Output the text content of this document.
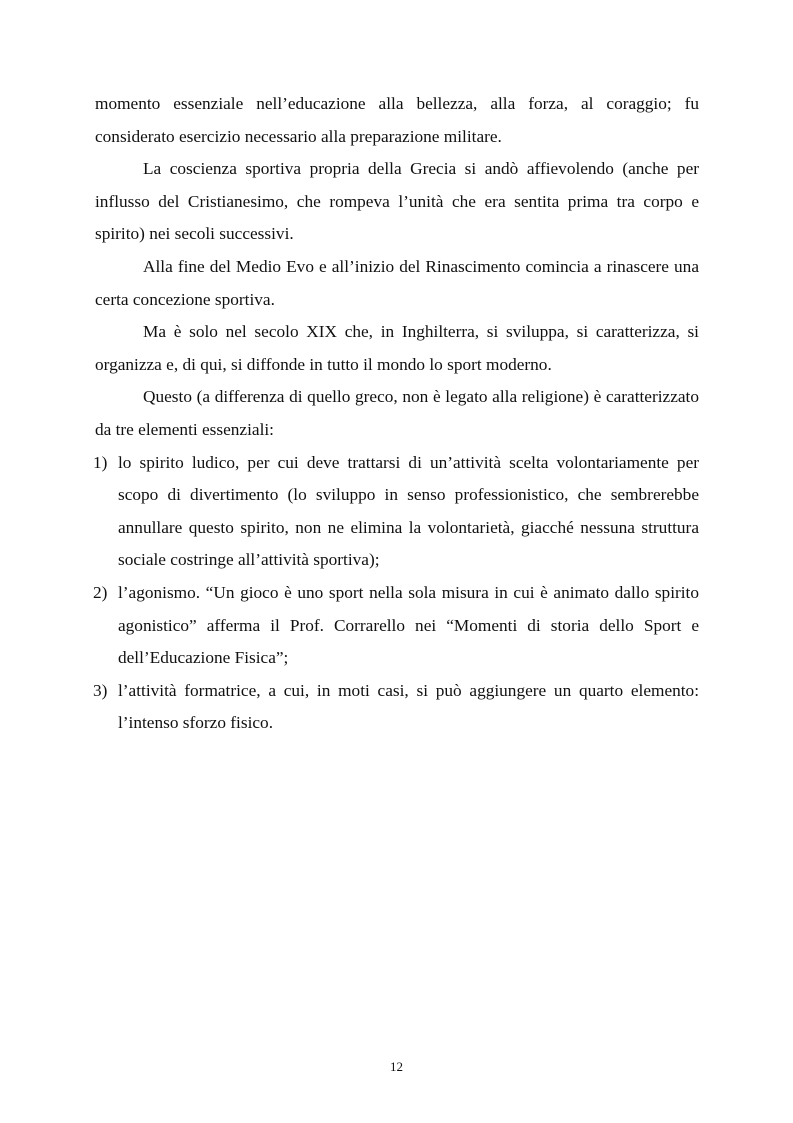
momento essenziale nell’educazione alla bellezza, alla forza, al coraggio; fu considerato esercizio necessario alla preparazione militare.

La coscienza sportiva propria della Grecia si andò affievolendo (anche per influsso del Cristianesimo, che rompeva l’unità che era sentita prima tra corpo e spirito) nei secoli successivi.

Alla fine del Medio Evo e all’inizio del Rinascimento comincia a rinascere una certa concezione sportiva.

Ma è solo nel secolo XIX che, in Inghilterra, si sviluppa, si caratterizza, si organizza e, di qui, si diffonde in tutto il mondo lo sport moderno.

Questo (a differenza di quello greco, non è legato alla religione) è caratterizzato da tre elementi essenziali:

1) lo spirito ludico, per cui deve trattarsi di un’attività scelta volontariamente per scopo di divertimento (lo sviluppo in senso professionistico, che sembrerebbe annullare questo spirito, non ne elimina la volontarietà, giacché nessuna struttura sociale costringe all’attività sportiva);
2) l’agonismo. “Un gioco è uno sport nella sola misura in cui è animato dallo spirito agonistico” afferma il Prof. Corrarello nei “Momenti di storia dello Sport e dell’Educazione Fisica”;
3) l’attività formatrice, a cui, in moti casi, si può aggiungere un quarto elemento: l’intenso sforzo fisico.
12
